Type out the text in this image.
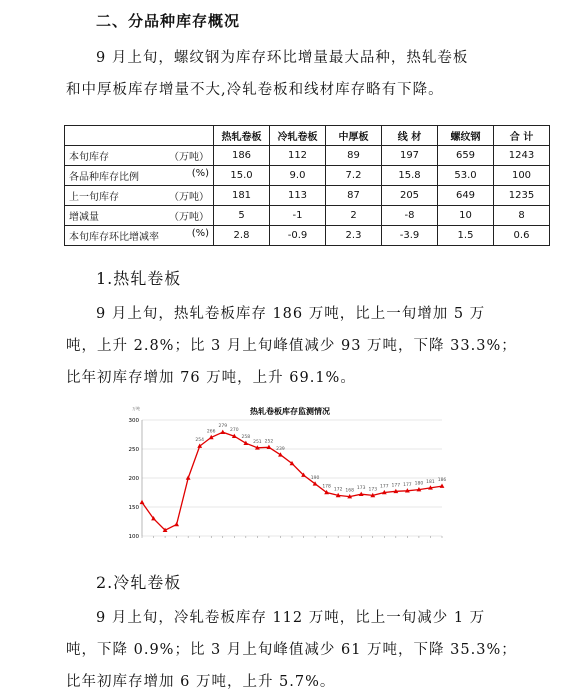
二、分品种库存概况
9 月上旬，螺纹钢为库存环比增量最大品种，热轧卷板
和中厚板库存增量不大,冷轧卷板和线材库存略有下降。
	热轧卷板	冷轧卷板	中厚板	线 材	螺纹钢	合 计
本旬库存 （万吨）	186	112	89	197	659	1243
各品种库存比例 (%)	15.0	9.0	7.2	15.8	53.0	100
上一旬库存 （万吨）	181	113	87	205	649	1235
增减量 （万吨）	5	-1	2	-8	10	8
本旬库存环比增减率 (%)	2.8	-0.9	2.3	-3.9	1.5	0.6
1.热轧卷板
9 月上旬，热轧卷板库存 186 万吨，比上一旬增加 5 万
吨，上升 2.8%；比 3 月上旬峰值减少 93 万吨，下降 33.3%；
比年初库存增加 76 万吨，上升 69.1%。
热轧卷板库存监测情况
万吨
100
150
200
250
300
254
266
279
270
258
251 252
239
190
178
172 168 173 173
177 177 177 180 181 186
2.冷轧卷板
9 月上旬，冷轧卷板库存 112 万吨，比上一旬减少 1 万
吨，下降 0.9%；比 3 月上旬峰值减少 61 万吨，下降 35.3%；
比年初库存增加 6 万吨，上升 5.7%。
